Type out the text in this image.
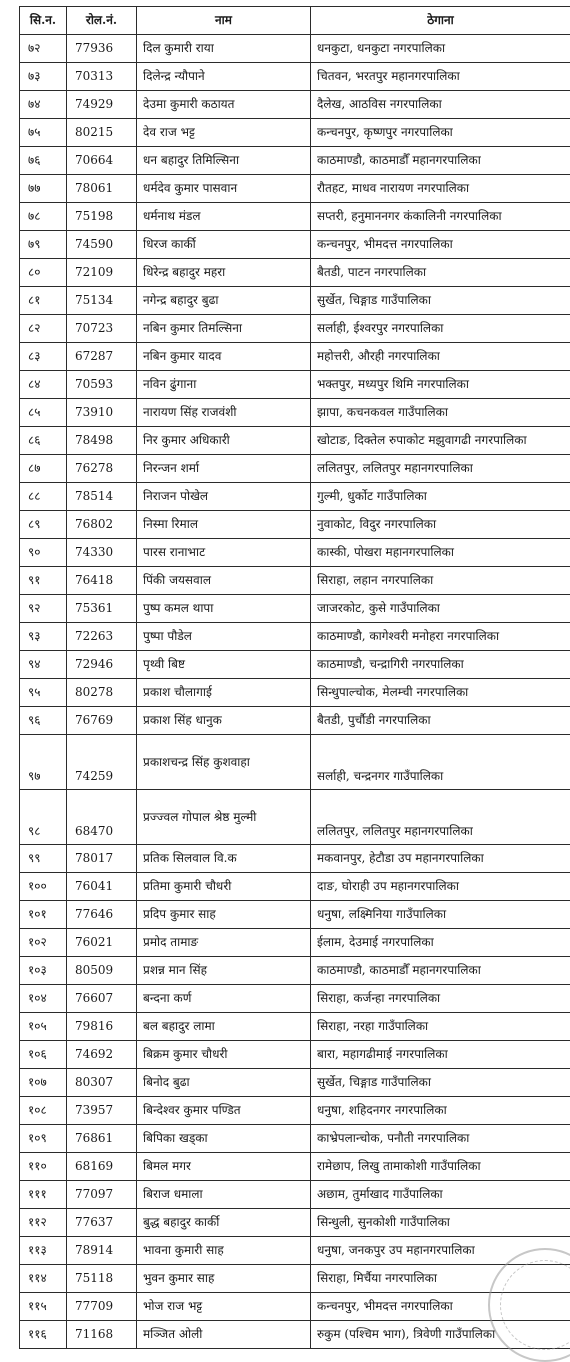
सि.न.	रोल.नं.	नाम	ठेगाना
७२	77936	दिल कुमारी राया	धनकुटा, धनकुटा नगरपालिका
७३	70313	दिलेन्द्र न्यौपाने	चितवन, भरतपुर महानगरपालिका
७४	74929	देउमा कुमारी कठायत	दैलेख, आठविस नगरपालिका
७५	80215	देव राज भट्ट	कन्चनपुर, कृष्णपुर नगरपालिका
७६	70664	धन बहादुर तिमिल्सिना	काठमाण्डौ, काठमाडौँ महानगरपालिका
७७	78061	धर्मदेव कुमार पासवान	रौतहट, माधव नारायण नगरपालिका
७८	75198	धर्मनाथ मंडल	सप्तरी, हनुमाननगर कंकालिनी नगरपालिका
७९	74590	धिरज कार्की	कन्चनपुर, भीमदत्त नगरपालिका
८०	72109	धिरेन्द्र बहादुर महरा	बैतडी, पाटन नगरपालिका
८१	75134	नगेन्द्र बहादुर बुढा	सुर्खेत, चिङ्गाड गाउँपालिका
८२	70723	नबिन कुमार तिमल्सिना	सर्लाही, ईश्वरपुर नगरपालिका
८३	67287	नबिन कुमार यादव	महोत्तरी, औरही नगरपालिका
८४	70593	नविन ढुंगाना	भक्तपुर, मध्यपुर थिमि नगरपालिका
८५	73910	नारायण सिंह राजवंशी	झापा, कचनकवल गाउँपालिका
८६	78498	निर कुमार अधिकारी	खोटाङ, दिक्तेल रुपाकोट मझुवागढी नगरपालिका
८७	76278	निरन्जन शर्मा	ललितपुर, ललितपुर महानगरपालिका
८८	78514	निराजन पोखेल	गुल्मी, धुर्कोट गाउँपालिका
८९	76802	निस्मा रिमाल	नुवाकोट, विदुर नगरपालिका
९०	74330	पारस रानाभाट	कास्की, पोखरा महानगरपालिका
९१	76418	पिंकी जयसवाल	सिराहा, लहान नगरपालिका
९२	75361	पुष्प कमल थापा	जाजरकोट, कुसे गाउँपालिका
९३	72263	पुष्पा पौडेल	काठमाण्डौ, कागेश्वरी मनोहरा नगरपालिका
९४	72946	पृथ्वी बिष्ट	काठमाण्डौ, चन्द्रागिरी नगरपालिका
९५	80278	प्रकाश चौलागाई	सिन्धुपाल्चोक, मेलम्ची नगरपालिका
९६	76769	प्रकाश सिंह धानुक	बैतडी, पुर्चौडी नगरपालिका
९७	74259	प्रकाशचन्द्र सिंह कुशवाहा	सर्लाही, चन्द्रनगर गाउँपालिका
९८	68470	प्रज्ज्वल गोपाल श्रेष्ठ मुल्मी	ललितपुर, ललितपुर महानगरपालिका
९९	78017	प्रतिक सिलवाल वि.क	मकवानपुर, हेटौडा उप महानगरपालिका
१००	76041	प्रतिमा कुमारी चौधरी	दाङ, घोराही उप महानगरपालिका
१०१	77646	प्रदिप कुमार साह	धनुषा, लक्ष्मिनिया गाउँपालिका
१०२	76021	प्रमोद तामाङ	ईलाम, देउमाई नगरपालिका
१०३	80509	प्रशन्न मान सिंह	काठमाण्डौ, काठमाडौँ महानगरपालिका
१०४	76607	बन्दना कर्ण	सिराहा, कर्जन्हा नगरपालिका
१०५	79816	बल बहादुर लामा	सिराहा, नरहा गाउँपालिका
१०६	74692	बिक्रम कुमार चौधरी	बारा, महागढीमाई नगरपालिका
१०७	80307	बिनोद बुढा	सुर्खेत, चिङ्गाड गाउँपालिका
१०८	73957	बिन्देश्वर कुमार पण्डित	धनुषा, शहिदनगर नगरपालिका
१०९	76861	बिपिका खड्का	काभ्रेपलान्चोक, पनौती नगरपालिका
११०	68169	बिमल मगर	रामेछाप, लिखु तामाकोशी गाउँपालिका
१११	77097	बिराज धमाला	अछाम, तुर्माखाद गाउँपालिका
११२	77637	बुद्ध बहादुर कार्की	सिन्धुली, सुनकोशी गाउँपालिका
११३	78914	भावना कुमारी साह	धनुषा, जनकपुर उप महानगरपालिका
११४	75118	भुवन कुमार साह	सिराहा, मिर्चैया नगरपालिका
११५	77709	भोज राज भट्ट	कन्चनपुर, भीमदत्त नगरपालिका
११६	71168	मञ्जित ओली	रुकुम (पश्चिम भाग), त्रिवेणी गाउँपालिका
